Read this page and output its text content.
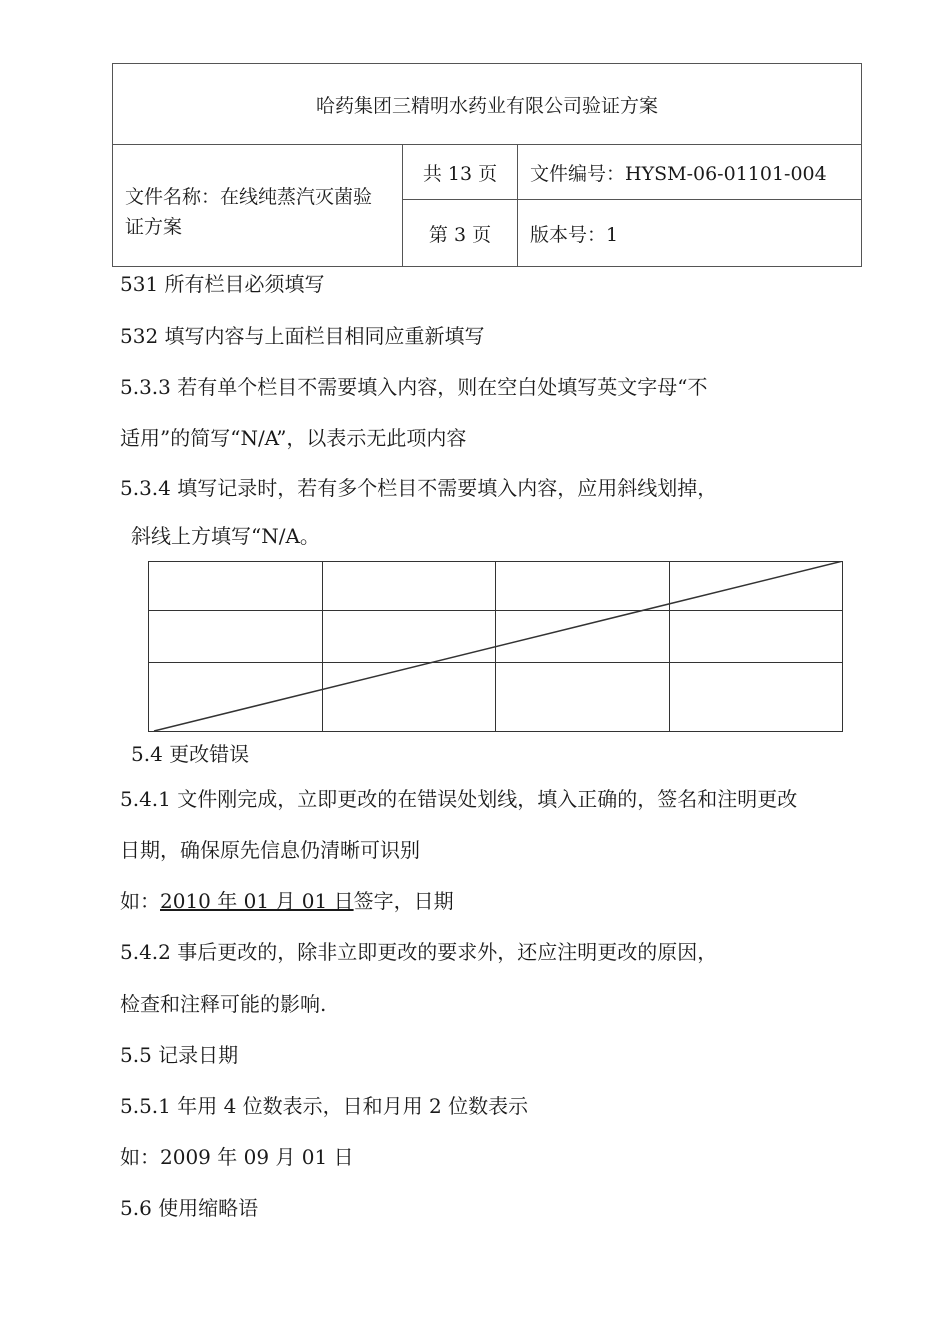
哈药集团三精明水药业有限公司验证方案		
文件名称：在线纯蒸汽灭菌验证方案	共 13 页	文件编号：HYSM-06-01101-004
	第 3 页	版本号：1
531 所有栏目必须填写
532 填写内容与上面栏目相同应重新填写
5.3.3 若有单个栏目不需要填入内容，则在空白处填写英文字母“不
适用”的简写“N/A”，以表示无此项内容
5.3.4 填写记录时，若有多个栏目不需要填入内容，应用斜线划掉，
斜线上方填写“N/A。

5.4 更改错误
5.4.1 文件刚完成，立即更改的在错误处划线，填入正确的，签名和注明更改
日期，确保原先信息仍清晰可识别
如：2010 年 01 月 01 日签字，日期
5.4.2 事后更改的，除非立即更改的要求外，还应注明更改的原因，
检查和注释可能的影响.
5.5 记录日期
5.5.1 年用 4 位数表示，日和月用 2 位数表示
如：2009 年 09 月 01 日
5.6 使用缩略语
